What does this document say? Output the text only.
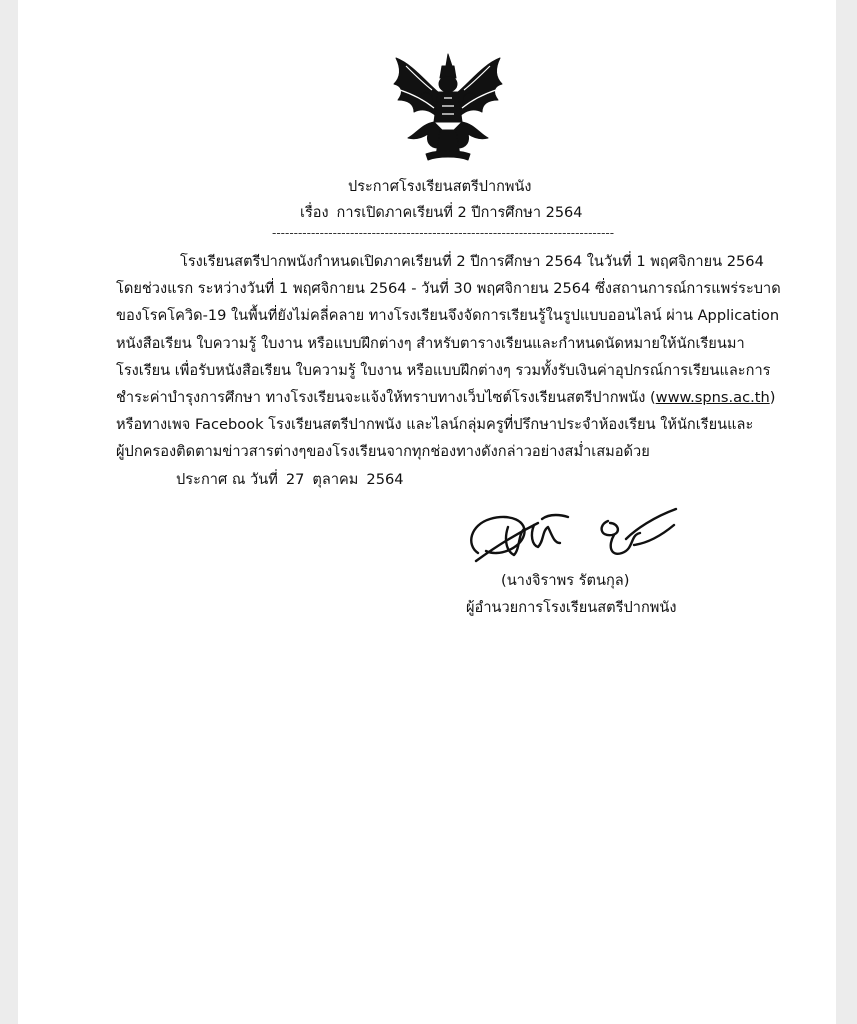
ประกาศโรงเรียนสตรีปากพนัง
เรื่อง การเปิดภาคเรียนที่ 2 ปีการศึกษา 2564
-------------------------------------------------------------------------------
โรงเรียนสตรีปากพนังกำหนดเปิดภาคเรียนที่ 2 ปีการศึกษา 2564 ในวันที่ 1 พฤศจิกายน 2564
โดยช่วงแรก ระหว่างวันที่ 1 พฤศจิกายน 2564 - วันที่ 30 พฤศจิกายน 2564 ซึ่งสถานการณ์การแพร่ระบาด
ของโรคโควิด-19 ในพื้นที่ยังไม่คลี่คลาย ทางโรงเรียนจึงจัดการเรียนรู้ในรูปแบบออนไลน์ ผ่าน Application
หนังสือเรียน ใบความรู้ ใบงาน หรือแบบฝึกต่างๆ สำหรับตารางเรียนและกำหนดนัดหมายให้นักเรียนมา
โรงเรียน เพื่อรับหนังสือเรียน ใบความรู้ ใบงาน หรือแบบฝึกต่างๆ รวมทั้งรับเงินค่าอุปกรณ์การเรียนและการ
ชำระค่าบำรุงการศึกษา ทางโรงเรียนจะแจ้งให้ทราบทางเว็บไซต์โรงเรียนสตรีปากพนัง (www.spns.ac.th)
หรือทางเพจ Facebook โรงเรียนสตรีปากพนัง และไลน์กลุ่มครูที่ปรึกษาประจำห้องเรียน ให้นักเรียนและ
ผู้ปกครองติดตามข่าวสารต่างๆของโรงเรียนจากทุกช่องทางดังกล่าวอย่างสม่ำเสมอด้วย
ประกาศ ณ วันที่ 27 ตุลาคม 2564
(นางจิราพร รัตนกุล)
ผู้อำนวยการโรงเรียนสตรีปากพนัง
